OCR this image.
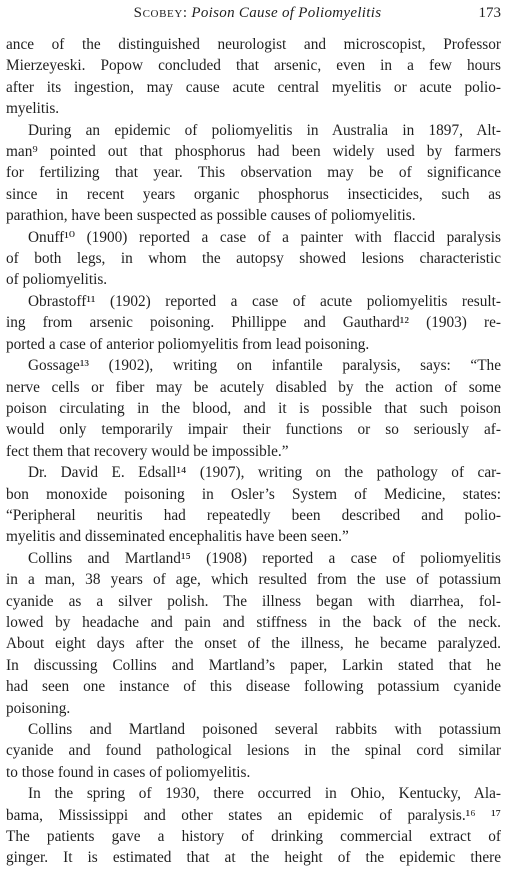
Scobey: Poison Cause of Poliomyelitis	173
ance of the distinguished neurologist and microscopist, Professor
Mierzeyeski. Popow concluded that arsenic, even in a few hours
after its ingestion, may cause acute central myelitis or acute polio-
myelitis.
During an epidemic of poliomyelitis in Australia in 1897, Alt-
man⁹ pointed out that phosphorus had been widely used by farmers
for fertilizing that year. This observation may be of significance
since in recent years organic phosphorus insecticides, such as
parathion, have been suspected as possible causes of poliomyelitis.
Onuff¹⁰ (1900) reported a case of a painter with flaccid paralysis
of both legs, in whom the autopsy showed lesions characteristic
of poliomyelitis.
Obrastoff¹¹ (1902) reported a case of acute poliomyelitis result-
ing from arsenic poisoning. Phillippe and Gauthard¹² (1903) re-
ported a case of anterior poliomyelitis from lead poisoning.
Gossage¹³ (1902), writing on infantile paralysis, says: “The
nerve cells or fiber may be acutely disabled by the action of some
poison circulating in the blood, and it is possible that such poison
would only temporarily impair their functions or so seriously af-
fect them that recovery would be impossible.”
Dr. David E. Edsall¹⁴ (1907), writing on the pathology of car-
bon monoxide poisoning in Osler’s System of Medicine, states:
“Peripheral neuritis had repeatedly been described and polio-
myelitis and disseminated encephalitis have been seen.”
Collins and Martland¹⁵ (1908) reported a case of poliomyelitis
in a man, 38 years of age, which resulted from the use of potassium
cyanide as a silver polish. The illness began with diarrhea, fol-
lowed by headache and pain and stiffness in the back of the neck.
About eight days after the onset of the illness, he became paralyzed.
In discussing Collins and Martland’s paper, Larkin stated that he
had seen one instance of this disease following potassium cyanide
poisoning.
Collins and Martland poisoned several rabbits with potassium
cyanide and found pathological lesions in the spinal cord similar
to those found in cases of poliomyelitis.
In the spring of 1930, there occurred in Ohio, Kentucky, Ala-
bama, Mississippi and other states an epidemic of paralysis.¹⁶ ¹⁷
The patients gave a history of drinking commercial extract of
ginger. It is estimated that at the height of the epidemic there
